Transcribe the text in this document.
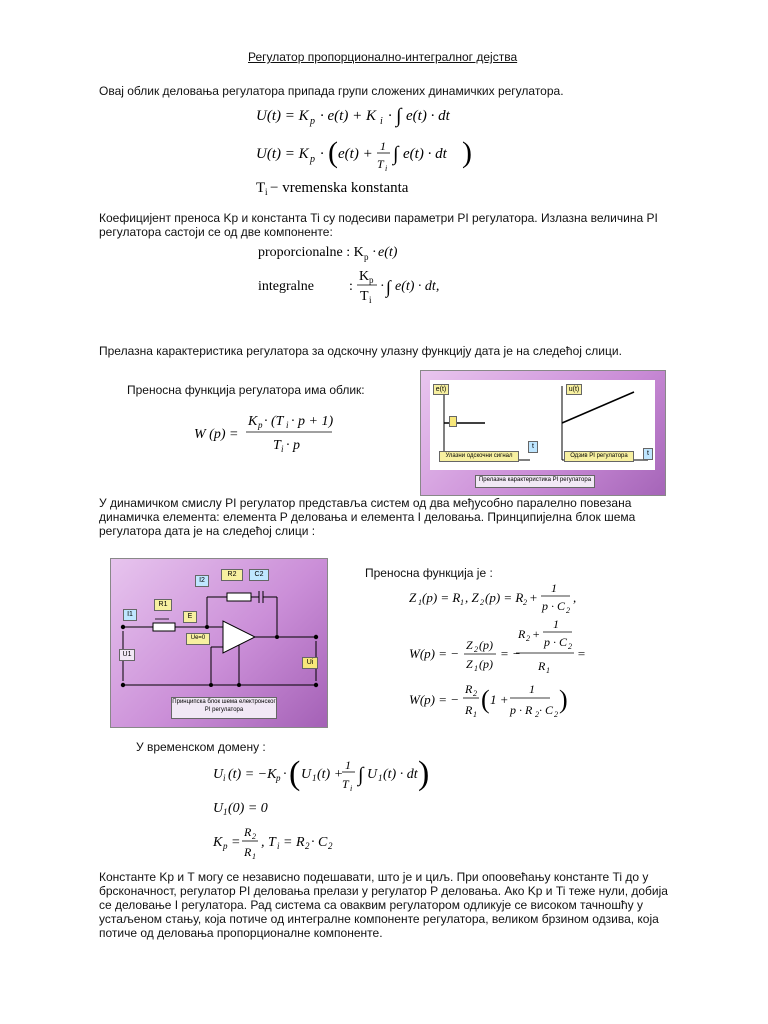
Регулатор пропорционално-интегралног дејства
Овај облик деловања регулатора припада групи сложених динамичких регулатора.
U(t) = K p · e(t) + K i · ∫ e(t) · dt
U(t) = K p · ( e(t) + 1
T i
∫ e(t) · dt )
T i − vremenska konstanta
Коефицијент преноса Kp и константа Ti су подесиви параметри PI регулатора. Излазна величина PI
регулатора састоји се од две компоненте:
proporcionalne : K p · e(t)
integralne	:
K p
T i
· ∫ e(t) · dt,
Прелазна карактеристика регулатора за одскочну улазну функцију дата је на следећој слици.
Преносна функција регулатора има облик:
W (p) =
K p · (T i · p + 1)
T i · p
e(t)	u(t)
t
t
Улазни одскочни сигнал	Одзив PI регулатора
Прелазна карактеристика PI регулатора
У динамичком смислу PI регулатор представља систем од два међусобно паралелно повезана
динамичка елемента: елемента P деловања и елемента I деловања. Принципијелна блок шема
регулатора дата је на следећој слици :
I1
R1
I2
R2	C2
E
Ue=0
U1
Ui
Принципска блок шема електронског PI регулатора
Преносна функција је :
Z 1 (p) = R 1 , Z 2 (p) = R 2 +
1
p · C 2
,
W(p) = −
Z 2 (p)
Z 1 (p)
= −
R 2 +
1
p · C 2
R 1
=
W(p) = −
R 2
R 1
( 1 +
1
p · R 2 · C 2
)
У временском домену :
U i (t) = −K p · ( U 1 (t) +
1
T i
∫ U 1 (t) · dt )
U 1 (0) = 0
K p =
R 2
R 1
, T i = R 2 · C 2
Константе Kp и T могу се независно подешавати, што је и циљ. При опоовећању константе Ti до у
брсконачност, регулатор PI деловања прелази у регулатор P деловања. Ако Kp и Ti теже нули, добија
се деловање I регулатора. Рад система са оваквим регулатором одликује се високом тачношћу у
устаљеном стању, која потиче од интегралне компоненте регулатора, великом брзином одзива, која
потиче од деловања пропорционалне компоненте.
